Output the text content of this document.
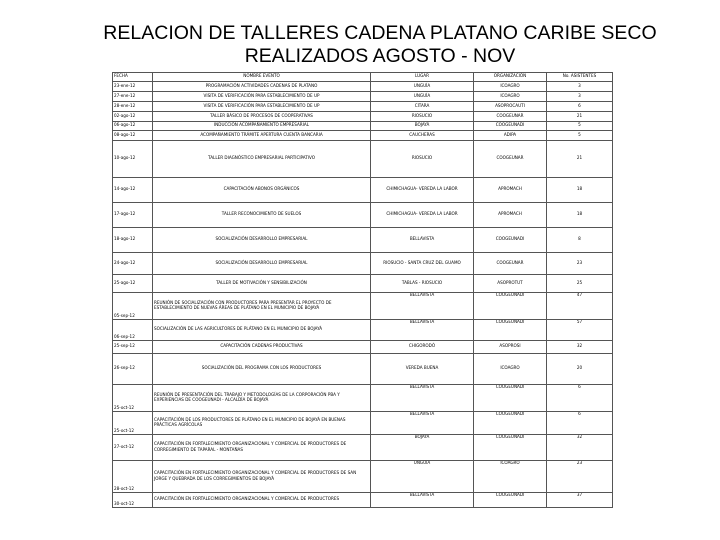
RELACION DE TALLERES CADENA PLATANO CARIBE SECO
REALIZADOS AGOSTO - NOV
FECHA	NOMBRE EVENTO	LUGAR	ORGANIZACIÓN	No. ASISTENTES
23-ene-12	PROGRAMACIÓN ACTIVIDADES CADENAS DE PLATANO	UNGUÍA	ICOAGRO	3
27-ene-12	VISITA DE VERIFICACIÓN PARA ESTABLECIMIENTO DE UP	UNGUÍA	ICOAGRO	3
28-ene-12	VISITA DE VERIFICACIÓN PARA ESTABLECIMIENTO DE UP	CITARA	ASOPROCAUTI	6
02-ago-12	TALLER BÁSICO DE PROCESOS DE COOPERATIVAS	RIOSUCIO	COOGEUNAR	21
06-ago-12	INDUCCIÓN ACOMPAÑAMIENTO EMPRESARIAL	BOJAYÁ	COOGEUNADI	5
08-ago-12	ACOMPAÑAMIENTO TRÁMITE APERTURA CUENTA BANCARIA	CAUCHERAS	ADIPA	5
10-ago-12	TALLER DIAGNÓSTICO EMPRESARIAL PARTICIPATIVO	RIOSUCIO	COOGEUNAR	21
14-ago-12	CAPACITACIÓN ABONOS ORGÁNICOS	CHIMICHAGUA- VEREDA LA LABOR	APROMACH	18
17-ago-12	TALLER RECONOCIMIENTO DE SUELOS	CHIMICHAGUA- VEREDA LA LABOR	APROMACH	18
18-ago-12	SOCIALIZACIÓN DESARROLLO EMPRESARIAL	BELLAVISTA	COOGEUNADI	8
24-ago-12	SOCIALIZACIÓN DESARROLLO EMPRESARIAL	RIOSUCIO - SANTA CRUZ DEL GUAMO	COOGEUNAR	23
25-ago-12	TALLER DE MOTIVACIÓN Y SENSIBILIZACIÓN	TABLAS - RIOSUCIO	ASOPROTUT	25
05-sep-12	REUNIÓN DE SOCIALIZACIÓN CON PRODUCTORES PARA PRESENTAR EL PROYECTO DE ESTABLECIMIENTO DE NUEVAS ÁREAS DE PLÁTANO EN EL MUNICIPIO DE BOJAYÁ	BELLAVISTA	COOGEUNADI	47
06-sep-12	SOCIALIZACIÓN DE LAS AGRICULTORES DE PLÁTANO EN EL MUNICIPIO DE BOJAYÁ	BELLAVISTA	COOGEUNADI	57
25-sep-12	CAPACITACIÓN CADENAS PRODUCTIVAS	CHIGORODÓ	ASOPROSI	32
26-sep-12	SOCIALIZACIÓN DEL PROGRAMA CON LOS PRODUCTORES	VEREDA BUENA	ICOAGRO	20
25-oct-12	REUNIÓN DE PRESENTACIÓN DEL TRABAJO Y METODOLOGÍAS DE LA CORPORACIÓN PBA Y EXPERIENCIAS DE COOGEUNADI - ALCALDÍA DE BOJAYÁ	BELLAVISTA	COOGEUNADI	6
25-oct-12	CAPACITACIÓN DE LOS PRODUCTORES DE PLÁTANO EN EL MUNICIPIO DE BOJAYÁ EN BUENAS PRÁCTICAS AGRÍCOLAS	BELLAVISTA	COOGEUNADI	6
27-oct-12	CAPACITACIÓN EN FORTALECIMIENTO ORGANIZACIONAL Y COMERCIAL DE PRODUCTORES DE CORREGIMIENTO DE TAPARAL - MONTAÑAS	BOJAYÁ	COOGEUNADI	32
28-oct-12	CAPACITACIÓN EN FORTALECIMIENTO ORGANIZACIONAL Y COMERCIAL DE PRODUCTORES DE SAN JORGE Y QUEBRADA DE LOS CORREGIMIENTOS DE BOJAYÁ	UNGUÍA	ICOAGRO	23
30-oct-12	CAPACITACIÓN EN FORTALECIMIENTO ORGANIZACIONAL Y COMERCIAL DE PRODUCTORES	BELLAVISTA	COOGEUNADI	37
